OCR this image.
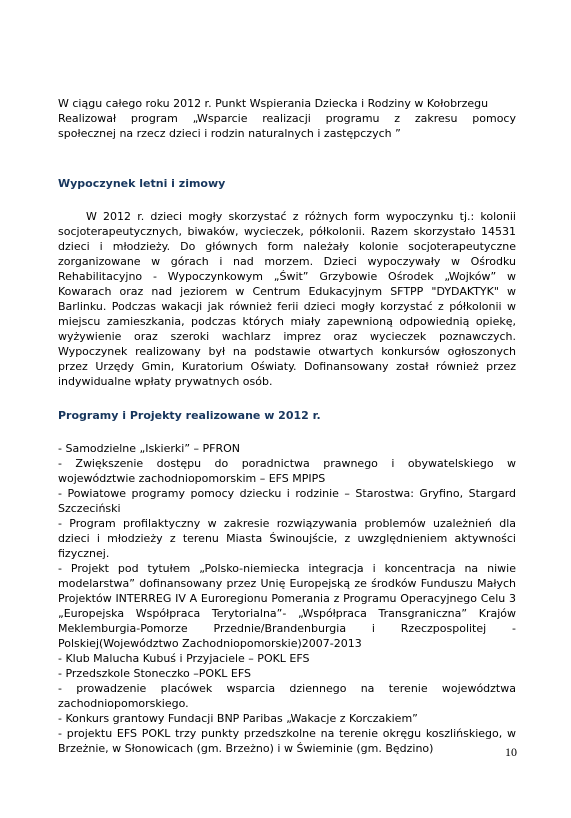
W ciągu całego roku 2012 r. Punkt Wspierania Dziecka i Rodziny w Kołobrzegu

Realizował program „Wsparcie realizacji programu z zakresu pomocy

społecznej na rzecz dzieci i rodzin naturalnych i zastępczych ”

Wypoczynek letni i zimowy

W 2012 r. dzieci mogły skorzystać z różnych form wypoczynku tj.: kolonii socjoterapeutycznych, biwaków, wycieczek, półkolonii. Razem skorzystało 14531 dzieci i młodzieży. Do głównych form należały kolonie socjoterapeutyczne zorganizowane w górach i nad morzem. Dzieci wypoczywały w Ośrodku Rehabilitacyjno - Wypoczynkowym „Świt” Grzybowie Ośrodek „Wojków” w Kowarach oraz nad jeziorem w Centrum Edukacyjnym SFTPP "DYDAKTYK" w Barlinku. Podczas wakacji jak również ferii dzieci mogły korzystać z półkolonii w miejscu zamieszkania, podczas których miały zapewnioną odpowiednią opiekę, wyżywienie oraz szeroki wachlarz imprez oraz wycieczek poznawczych. Wypoczynek realizowany był na podstawie otwartych konkursów ogłoszonych przez Urzędy Gmin, Kuratorium Oświaty. Dofinansowany został również przez indywidualne wpłaty prywatnych osób.

Programy i Projekty realizowane w 2012 r.
- Samodzielne „Iskierki” – PFRON
- Zwiększenie dostępu do poradnictwa prawnego i obywatelskiego w województwie zachodniopomorskim – EFS MPIPS
- Powiatowe programy pomocy dziecku i rodzinie – Starostwa: Gryfino, Stargard Szczeciński
- Program profilaktyczny w zakresie rozwiązywania problemów uzależnień dla dzieci i młodzieży z terenu Miasta Świnoujście, z uwzględnieniem aktywności fizycznej.
- Projekt pod tytułem „Polsko-niemiecka integracja i koncentracja na niwie modelarstwa” dofinansowany przez Unię Europejską ze środków Funduszu Małych Projektów INTERREG IV A Euroregionu Pomerania z Programu Operacyjnego Celu 3 „Europejska Współpraca Terytorialna”- „Współpraca Transgraniczna” Krajów Meklemburgia-Pomorze Przednie/Brandenburgia i Rzeczpospolitej -Polskiej(Województwo Zachodniopomorskie)2007-2013
- Klub Malucha Kubuś i Przyjaciele – POKL EFS
- Przedszkole Stoneczko –POKL EFS
- prowadzenie placówek wsparcia dziennego na terenie województwa zachodniopomorskiego.
- Konkurs grantowy Fundacji BNP Paribas „Wakacje z Korczakiem”
- projektu EFS POKL trzy punkty przedszkolne na terenie okręgu koszlińskiego, w Brzeżnie, w Słonowicach (gm. Brzeżno) i w Świeminie (gm. Będzino)	10
